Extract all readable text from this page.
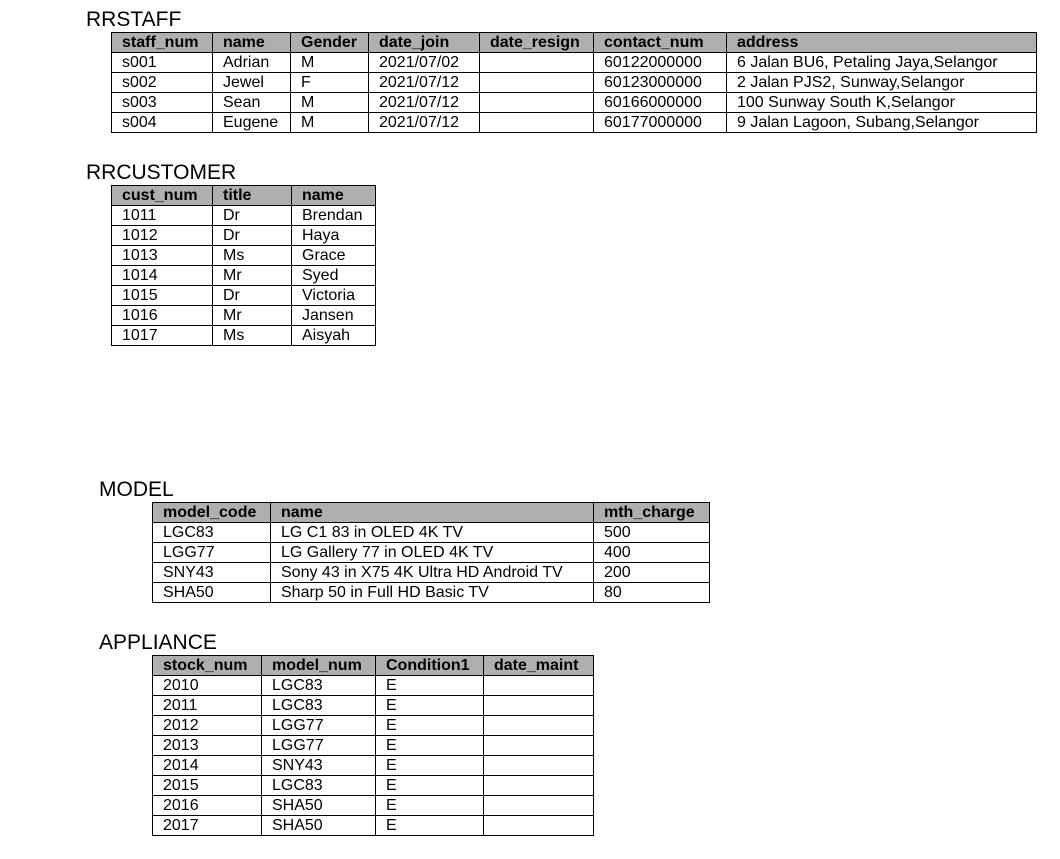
RRSTAFF
staff_num	name	Gender	date_join	date_resign	contact_num	address
s001	Adrian	M	2021/07/02		60122000000	6 Jalan BU6, Petaling Jaya,Selangor
s002	Jewel	F	2021/07/12		60123000000	2 Jalan PJS2, Sunway,Selangor
s003	Sean	M	2021/07/12		60166000000	100 Sunway South K,Selangor
s004	Eugene	M	2021/07/12		60177000000	9 Jalan Lagoon, Subang,Selangor
RRCUSTOMER
cust_num	title	name
1011	Dr	Brendan
1012	Dr	Haya
1013	Ms	Grace
1014	Mr	Syed
1015	Dr	Victoria
1016	Mr	Jansen
1017	Ms	Aisyah
MODEL
model_code	name	mth_charge
LGC83	LG C1 83 in OLED 4K TV	500
LGG77	LG Gallery 77 in OLED 4K TV	400
SNY43	Sony 43 in X75 4K Ultra HD Android TV	200
SHA50	Sharp 50 in Full HD Basic TV	80
APPLIANCE
stock_num	model_num	Condition1	date_maint
2010	LGC83	E	
2011	LGC83	E	
2012	LGG77	E	
2013	LGG77	E	
2014	SNY43	E	
2015	LGC83	E	
2016	SHA50	E	
2017	SHA50	E	
